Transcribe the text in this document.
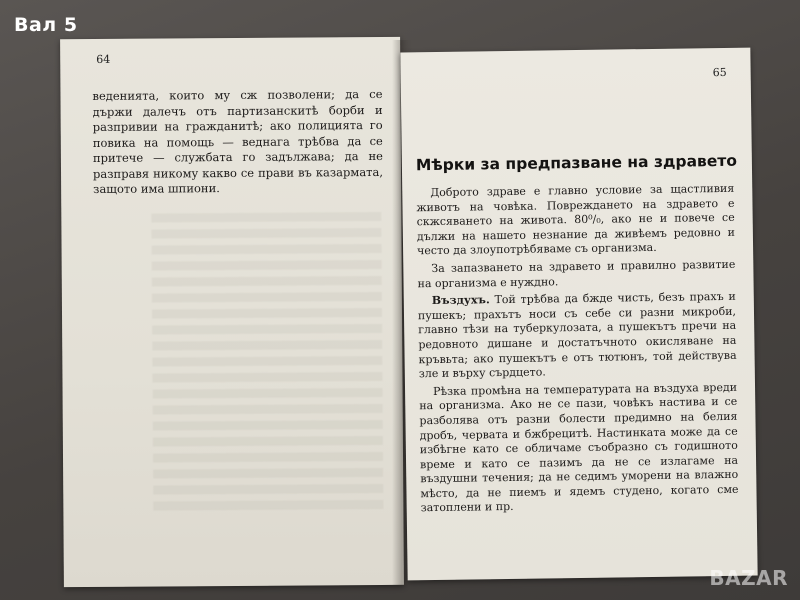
64

веденията, които му сж позволени; да се държи далечъ отъ партизанскитѣ борби и разпривии на гражданитѣ; ако полицията го повика на помощь — веднага трѣбва да се притече — службата го задължава; да не разправя никому какво се прави въ казармата, защото има шпиони.

65
Мѣрки за предпазване на здравето

Доброто здраве е главно условие за щастливия животъ на човѣка. Повреждането на здравето е скжсяването на живота. 80⁰/₀, ако не и повече се дължи на нашето незнание да живѣемъ редовно и често да злоупотрѣбяваме съ организма.

За запазването на здравето и правилно развитие на организма е нуждно.

Въздухъ. Той трѣбва да бжде чисть, безъ прахъ и пушекъ; прахътъ носи съ себе си разни микроби, главно тѣзи на туберкулозата, а пушекътъ пречи на редовното дишане и достатъчното окисляване на кръвьта; ако пушекътъ е отъ тютюнъ, той действува зле и върху сърдцето.

Рѣзка промѣна на температурата на въздуха вреди на организма. Ако не се пази, човѣкъ настива и се разболява отъ разни болести предимно на белия дробъ, червата и бжбрецитѣ. Настинката може да се избѣгне като се обличаме съобразно съ годишното време и като се пазимъ да не се излагаме на въздушни течения; да не седимъ уморени на влажно мѣсто, да не пиемъ и ядемъ студено, когато сме затоплени и пр.

Вал 5
BAZAR
